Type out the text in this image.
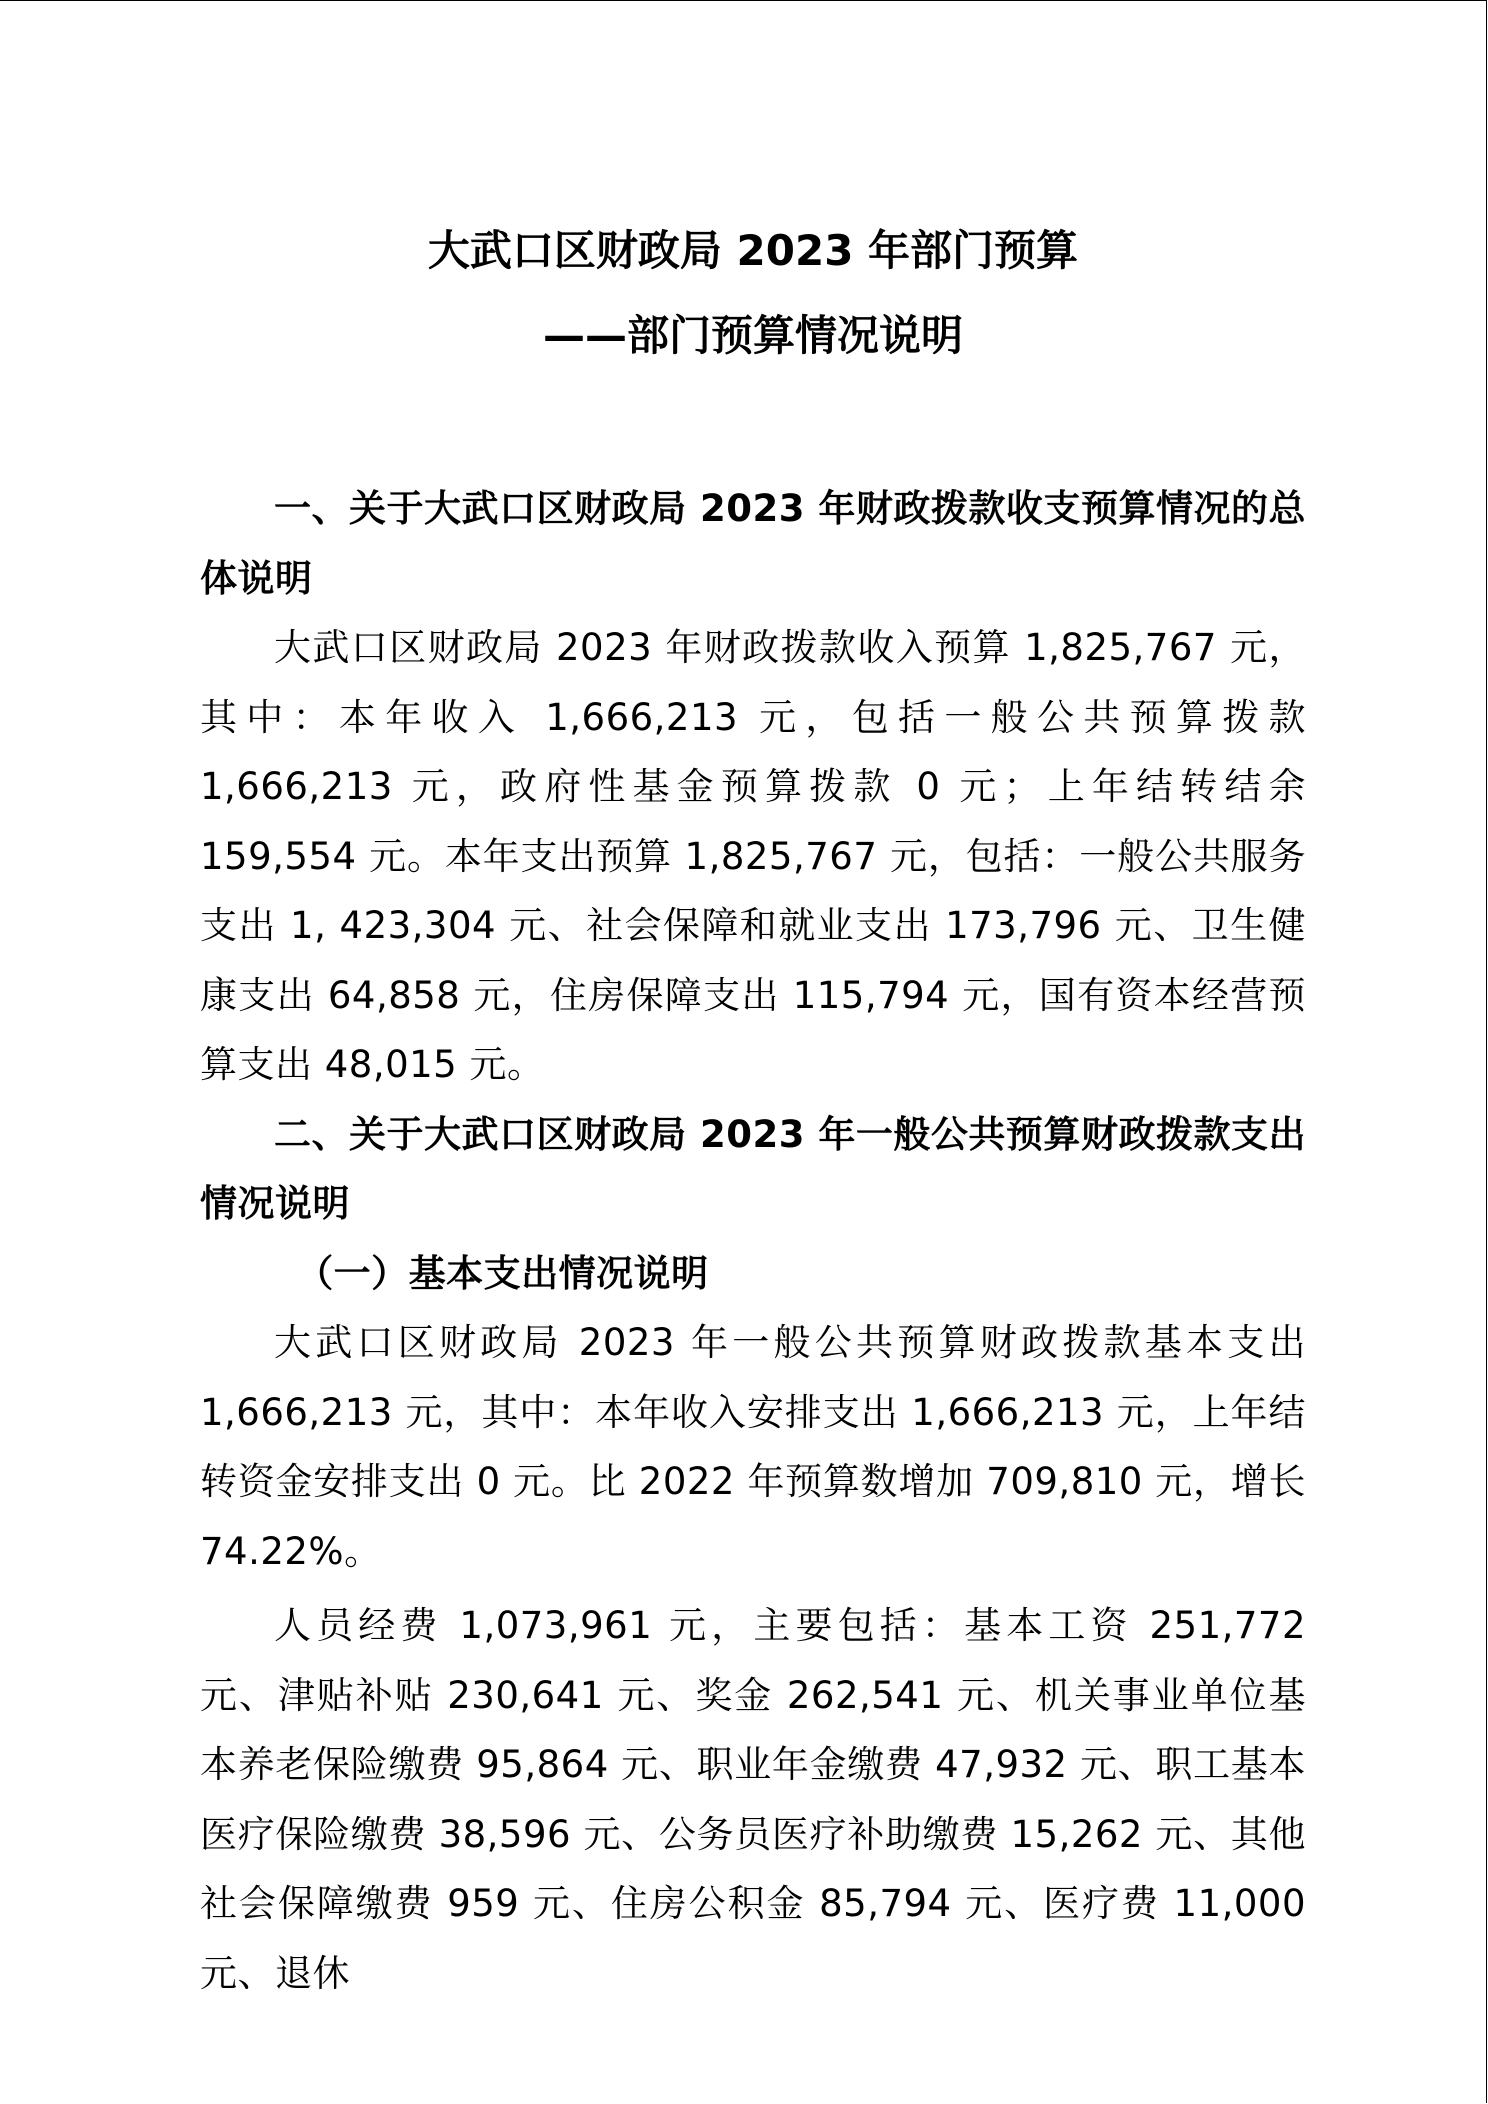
大武口区财政局 2023 年部门预算
——部门预算情况说明

一、关于大武口区财政局 2023 年财政拨款收支预算情况的总体说明

大武口区财政局 2023 年财政拨款收入预算 1,825,767 元，其中：本年收入 1,666,213 元，包括一般公共预算拨款 1,666,213 元，政府性基金预算拨款 0 元；上年结转结余 159,554 元。本年支出预算 1,825,767 元，包括：一般公共服务支出 1, 423,304 元、社会保障和就业支出 173,796 元、卫生健康支出 64,858 元，住房保障支出 115,794 元，国有资本经营预算支出 48,015 元。

二、关于大武口区财政局 2023 年一般公共预算财政拨款支出情况说明

（一）基本支出情况说明

大武口区财政局 2023 年一般公共预算财政拨款基本支出 1,666,213 元，其中：本年收入安排支出 1,666,213 元，上年结转资金安排支出 0 元。比 2022 年预算数增加 709,810 元，增长 74.22%。

人员经费 1,073,961 元，主要包括：基本工资 251,772 元、津贴补贴 230,641 元、奖金 262,541 元、机关事业单位基本养老保险缴费 95,864 元、职业年金缴费 47,932 元、职工基本医疗保险缴费 38,596 元、公务员医疗补助缴费 15,262 元、其他社会保障缴费 959 元、住房公积金 85,794 元、医疗费 11,000 元、退休
